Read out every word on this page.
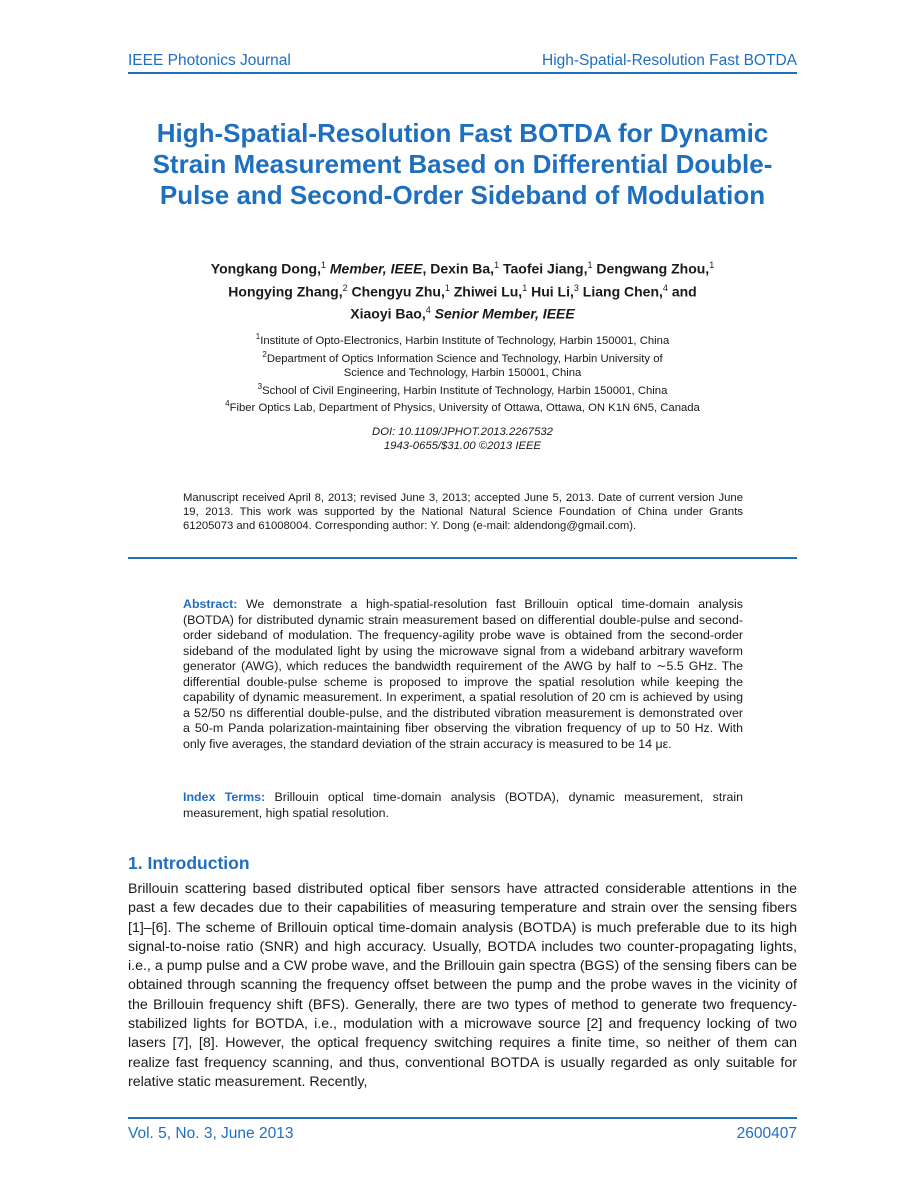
IEEE Photonics Journal	High-Spatial-Resolution Fast BOTDA
High-Spatial-Resolution Fast BOTDA for Dynamic Strain Measurement Based on Differential Double-Pulse and Second-Order Sideband of Modulation
Yongkang Dong,$^1$ Member, IEEE, Dexin Ba,$^1$ Taofei Jiang,$^1$ Dengwang Zhou,$^1$
Hongying Zhang,$^2$ Chengyu Zhu,$^1$ Zhiwei Lu,$^1$ Hui Li,$^3$ Liang Chen,$^4$ and
Xiaoyi Bao,$^4$ Senior Member, IEEE
$^1$Institute of Opto-Electronics, Harbin Institute of Technology, Harbin 150001, China
$^2$Department of Optics Information Science and Technology, Harbin University of
Science and Technology, Harbin 150001, China
$^3$School of Civil Engineering, Harbin Institute of Technology, Harbin 150001, China
$^4$Fiber Optics Lab, Department of Physics, University of Ottawa, Ottawa, ON K1N 6N5, Canada
DOI: 10.1109/JPHOT.2013.2267532
1943-0655/$31.00 ©2013 IEEE
Manuscript received April 8, 2013; revised June 3, 2013; accepted June 5, 2013. Date of current version June 19, 2013. This work was supported by the National Natural Science Foundation of China under Grants 61205073 and 61008004. Corresponding author: Y. Dong (e-mail: aldendong@gmail.com).
Abstract: We demonstrate a high-spatial-resolution fast Brillouin optical time-domain analysis (BOTDA) for distributed dynamic strain measurement based on differential double-pulse and second-order sideband of modulation. The frequency-agility probe wave is obtained from the second-order sideband of the modulated light by using the microwave signal from a wideband arbitrary waveform generator (AWG), which reduces the bandwidth requirement of the AWG by half to ∼5.5 GHz. The differential double-pulse scheme is proposed to improve the spatial resolution while keeping the capability of dynamic measurement. In experiment, a spatial resolution of 20 cm is achieved by using a 52/50 ns differential double-pulse, and the distributed vibration measurement is demonstrated over a 50-m Panda polarization-maintaining fiber observing the vibration frequency of up to 50 Hz. With only five averages, the standard deviation of the strain accuracy is measured to be 14 με.
Index Terms: Brillouin optical time-domain analysis (BOTDA), dynamic measurement, strain measurement, high spatial resolution.
1. Introduction
Brillouin scattering based distributed optical fiber sensors have attracted considerable attentions in the past a few decades due to their capabilities of measuring temperature and strain over the sensing fibers [1]–[6]. The scheme of Brillouin optical time-domain analysis (BOTDA) is much preferable due to its high signal-to-noise ratio (SNR) and high accuracy. Usually, BOTDA includes two counter-propagating lights, i.e., a pump pulse and a CW probe wave, and the Brillouin gain spectra (BGS) of the sensing fibers can be obtained through scanning the frequency offset between the pump and the probe waves in the vicinity of the Brillouin frequency shift (BFS). Generally, there are two types of method to generate two frequency-stabilized lights for BOTDA, i.e., modulation with a microwave source [2] and frequency locking of two lasers [7], [8]. However, the optical frequency switching requires a finite time, so neither of them can realize fast frequency scanning, and thus, conventional BOTDA is usually regarded as only suitable for relative static measurement. Recently,
Vol. 5, No. 3, June 2013	2600407
